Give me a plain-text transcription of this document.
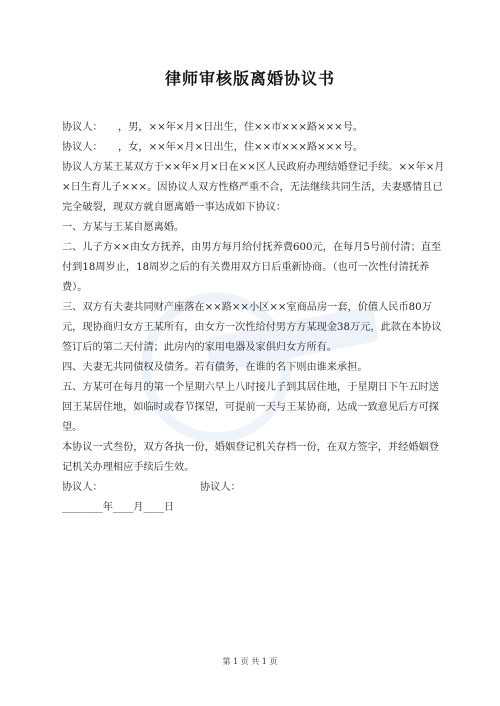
律师审核版离婚协议书

协议人：　　，男，××年×月×日出生，住××市×××路×××号。

协议人：　　，女，××年×月×日出生，住××市×××路×××号。

协议人方某王某双方于××年×月×日在××区人民政府办理结婚登记手续。××年×月×日生育儿子×××。因协议人双方性格严重不合，无法继续共同生活，夫妻感情且已完全破裂，现双方就自愿离婚一事达成如下协议：

一、方某与王某自愿离婚。

二、儿子方××由女方抚养，由男方每月给付抚养费600元，在每月5号前付清；直至付到18周岁止，18周岁之后的有关费用双方日后重新协商。（也可一次性付清抚养费）。

三、双方有夫妻共同财产座落在××路××小区××室商品房一套，价值人民币80万元，现协商归女方王某所有，由女方一次性给付男方方某现金38万元，此款在本协议签订后的第二天付清；此房内的家用电器及家俱归女方所有。

四、夫妻无共同债权及债务。若有债务，在谁的名下则由谁来承担。

五、方某可在每月的第一个星期六早上八时接儿子到其居住地，于星期日下午五时送回王某居住地，如临时或春节探望，可提前一天与王某协商，达成一致意见后方可探望。

本协议一式叁份，双方各执一份，婚姻登记机关存档一份，在双方签字，并经婚姻登记机关办理相应手续后生效。

协议人：	协议人：

________年____月____日

第 1 页 共 1 页
